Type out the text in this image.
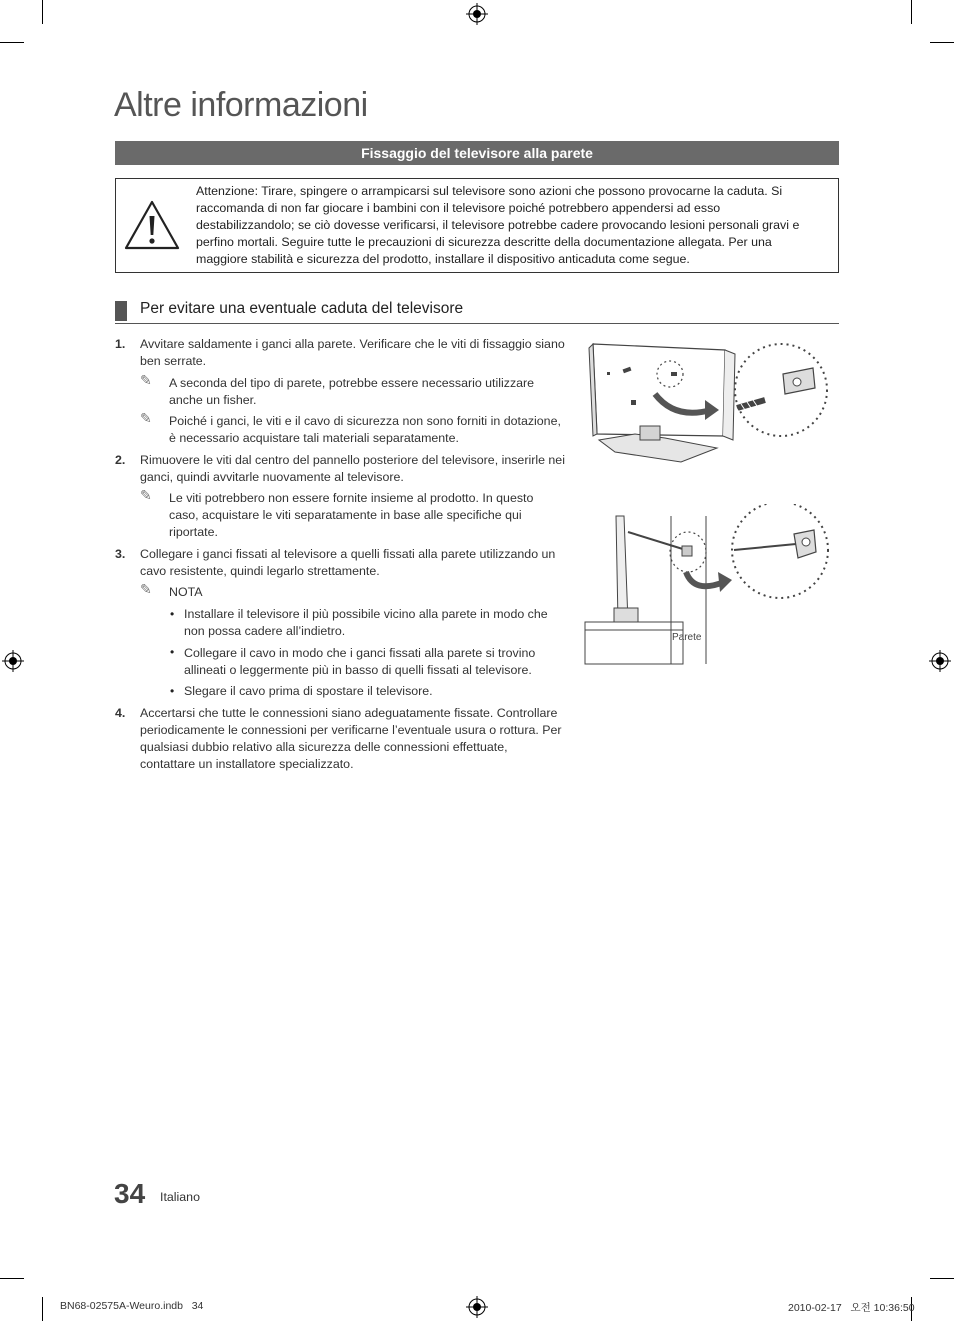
Altre informazioni
Fissaggio del televisore alla parete
Attenzione: Tirare, spingere o arrampicarsi sul televisore sono azioni che possono provocarne la caduta. Si raccomanda di non far giocare i bambini con il televisore poiché potrebbero appendersi ad esso destabilizzandolo; se ciò dovesse verificarsi, il televisore potrebbe cadere provocando lesioni personali gravi e perfino mortali. Seguire tutte le precauzioni di sicurezza descritte della documentazione allegata. Per una maggiore stabilità e sicurezza del prodotto, installare il dispositivo anticaduta come segue.
Per evitare una eventuale caduta del televisore
1. Avvitare saldamente i ganci alla parete. Verificare che le viti di fissaggio siano ben serrate.
✎ A seconda del tipo di parete, potrebbe essere necessario utilizzare anche un fisher.
✎ Poiché i ganci, le viti e il cavo di sicurezza non sono forniti in dotazione, è necessario acquistare tali materiali separatamente.
2. Rimuovere le viti dal centro del pannello posteriore del televisore, inserirle nei ganci, quindi avvitarle nuovamente al televisore.
✎ Le viti potrebbero non essere fornite insieme al prodotto. In questo caso, acquistare le viti separatamente in base alle specifiche qui riportate.
3. Collegare i ganci fissati al televisore a quelli fissati alla parete utilizzando un cavo resistente, quindi legarlo strettamente.
✎ NOTA
• Installare il televisore il più possibile vicino alla parete in modo che non possa cadere all’indietro.
• Collegare il cavo in modo che i ganci fissati alla parete si trovino allineati o leggermente più in basso di quelli fissati al televisore.
• Slegare il cavo prima di spostare il televisore.
4. Accertarsi che tutte le connessioni siano adeguatamente fissate. Controllare periodicamente le connessioni per verificarne l’eventuale usura o rottura. Per qualsiasi dubbio relativo alla sicurezza delle connessioni effettuate, contattare un installatore specializzato.
Parete
34 Italiano
BN68-02575A-Weuro.indb   34	2010-02-17   오전 10:36:50
